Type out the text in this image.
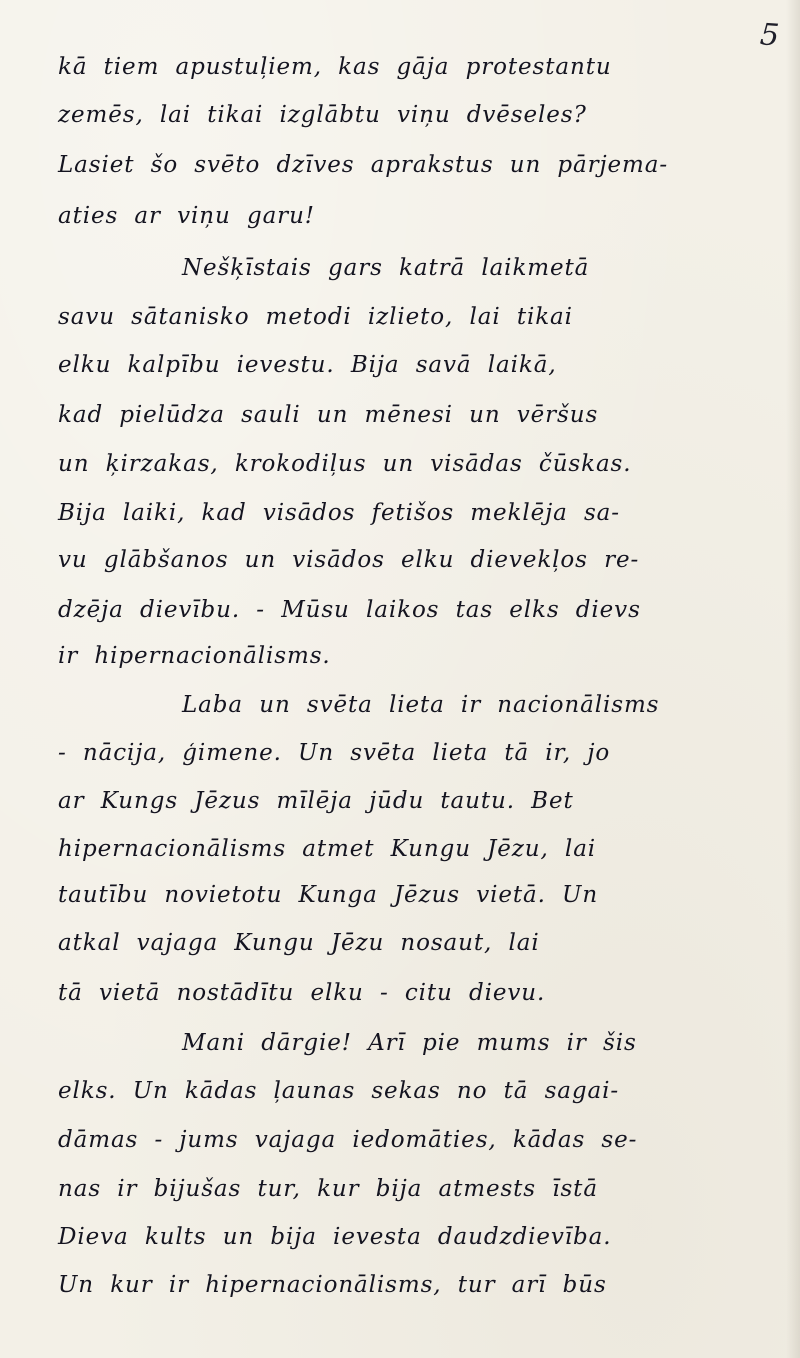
5
kā tiem apustuļiem, kas gāja protestantu
zemēs, lai tikai izglābtu viņu dvēseles?
Lasiet šo svēto dzīves aprakstus un pārjema-
aties ar viņu garu!
Nešķīstais gars katrā laikmetā
savu sātanisko metodi izlieto, lai tikai
elku kalpību ievestu. Bija savā laikā,
kad pielūdza sauli un mēnesi un vēršus
un ķirzakas, krokodiļus un visādas čūskas.
Bija laiki, kad visādos fetišos meklēja sa-
vu glābšanos un visādos elku dievekļos re-
dzēja dievību. - Mūsu laikos tas elks dievs
ir hipernacionālisms.
Laba un svēta lieta ir nacionālisms
- nācija, ģimene. Un svēta lieta tā ir, jo
ar Kungs Jēzus mīlēja jūdu tautu. Bet
hipernacionālisms atmet Kungu Jēzu, lai
tautību novietotu Kunga Jēzus vietā. Un
atkal vajaga Kungu Jēzu nosaut, lai
tā vietā nostādītu elku - citu dievu.
Mani dārgie! Arī pie mums ir šis
elks. Un kādas ļaunas sekas no tā sagai-
dāmas - jums vajaga iedomāties, kādas se-
nas ir bijušas tur, kur bija atmests īstā
Dieva kults un bija ievesta daudzdievība.
Un kur ir hipernacionālisms, tur arī būs
